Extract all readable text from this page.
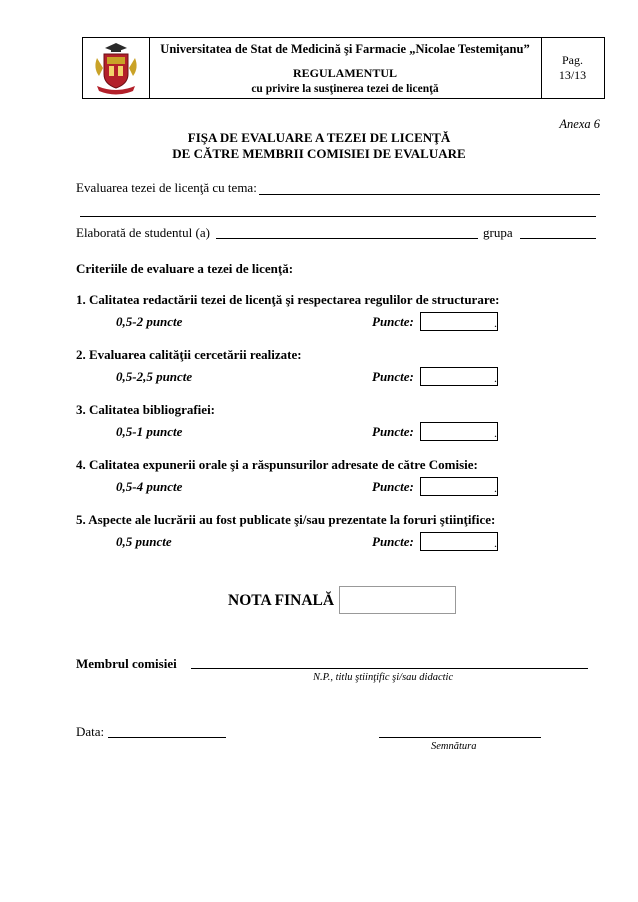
Universitatea de Stat de Medicină şi Farmacie „Nicolae Testemiţanu”
REGULAMENTUL
cu privire la susţinerea tezei de licenţă
Pag.
13/13
Anexa 6
FIŞA DE EVALUARE A TEZEI DE LICENŢĂ
DE CĂTRE MEMBRII COMISIEI DE EVALUARE
Evaluarea tezei de licenţă cu tema:
Elaborată de studentul (a)	grupa
Criteriile de evaluare a tezei de licenţă:
1. Calitatea redactării tezei de licenţă şi respectarea regulilor de structurare:
0,5-2 puncte	Puncte:	.
2. Evaluarea calităţii cercetării realizate:
0,5-2,5 puncte	Puncte:	.
3. Calitatea bibliografiei:
0,5-1 puncte	Puncte:	.
4. Calitatea expunerii orale şi a răspunsurilor adresate de către Comisie:
0,5-4 puncte	Puncte:	.
5. Aspecte ale lucrării au fost publicate şi/sau prezentate la foruri ştiinţifice:
0,5 puncte	Puncte:	.
NOTA FINALĂ
Membrul comisiei
N.P., titlu ştiinţific şi/sau didactic
Data:
Semnătura
